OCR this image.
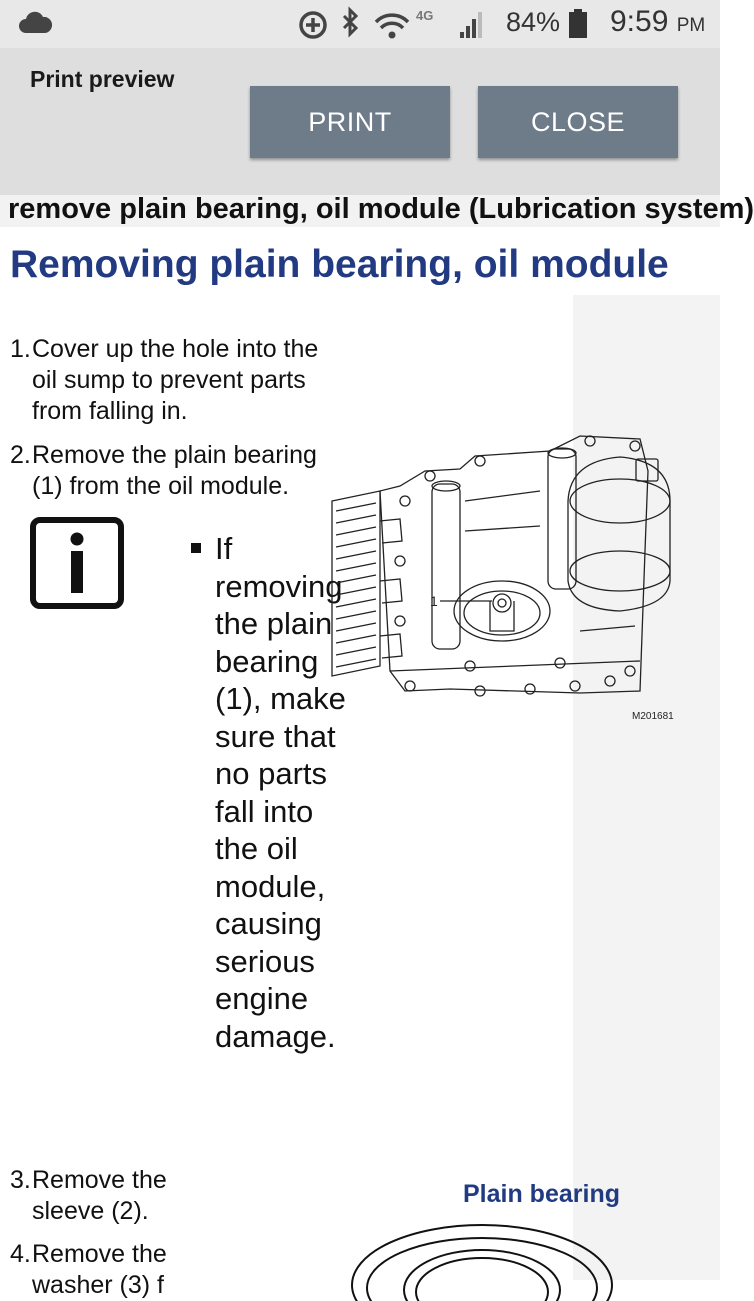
4G	84% 9:59 PM
Print preview
PRINT	CLOSE
remove plain bearing, oil module (Lubrication system)
Removing plain bearing, oil module
1. Cover up the hole into the oil sump to prevent parts from falling in.
2. Remove the plain bearing (1) from the oil module.
If removing the plain bearing (1), make sure that no parts fall into the oil module, causing serious engine damage.
1
M201681
3. Remove the sleeve (2).
4. Remove the washer (3) f
Plain bearing
